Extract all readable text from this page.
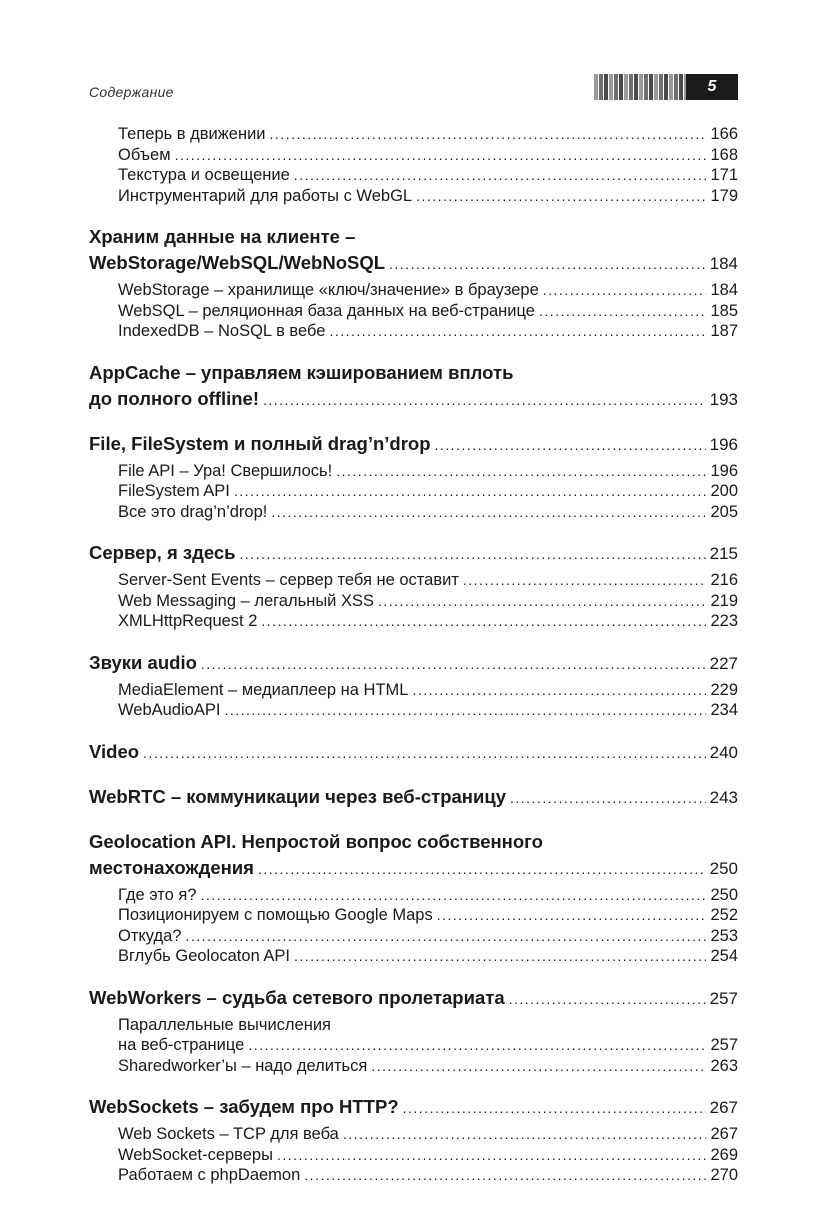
Содержание	5
Теперь в движении .....	166
Объем .....	168
Текстура и освещение .....	171
Инструментарий для работы с WebGL .....	179
Храним данные на клиенте –
WebStorage/WebSQL/WebNoSQL .....	184
WebStorage – хранилище «ключ/значение» в браузере .....	184
WebSQL – реляционная база данных на веб-странице .....	185
IndexedDB – NoSQL в вебе .....	187
AppCache – управляем кэшированием вплоть
до полного offline! .....	193
File, FileSystem и полный drag’n’drop .....	196
File API – Ура! Свершилось! .....	196
FileSystem API .....	200
Все это drag’n’drop! .....	205
Сервер, я здесь .....	215
Server-Sent Events – сервер тебя не оставит .....	216
Web Messaging – легальный XSS .....	219
XMLHttpRequest 2 .....	223
Звуки audio .....	227
MediaElement – медиаплеер на HTML .....	229
WebAudioAPI .....	234
Video .....	240
WebRTC – коммуникации через веб-страницу .....	243
Geolocation API. Непростой вопрос собственного
местонахождения .....	250
Где это я? .....	250
Позиционируем с помощью Google Maps .....	252
Откуда? .....	253
Вглубь Geolocaton API .....	254
WebWorkers – судьба сетевого пролетариата .....	257
Параллельные вычисления
на веб-странице .....	257
Sharedworker’ы – надо делиться .....	263
WebSockets – забудем про HTTP? .....	267
Web Sockets – TCP для веба .....	267
WebSocket-серверы .....	269
Работаем с phpDaemon .....	270
